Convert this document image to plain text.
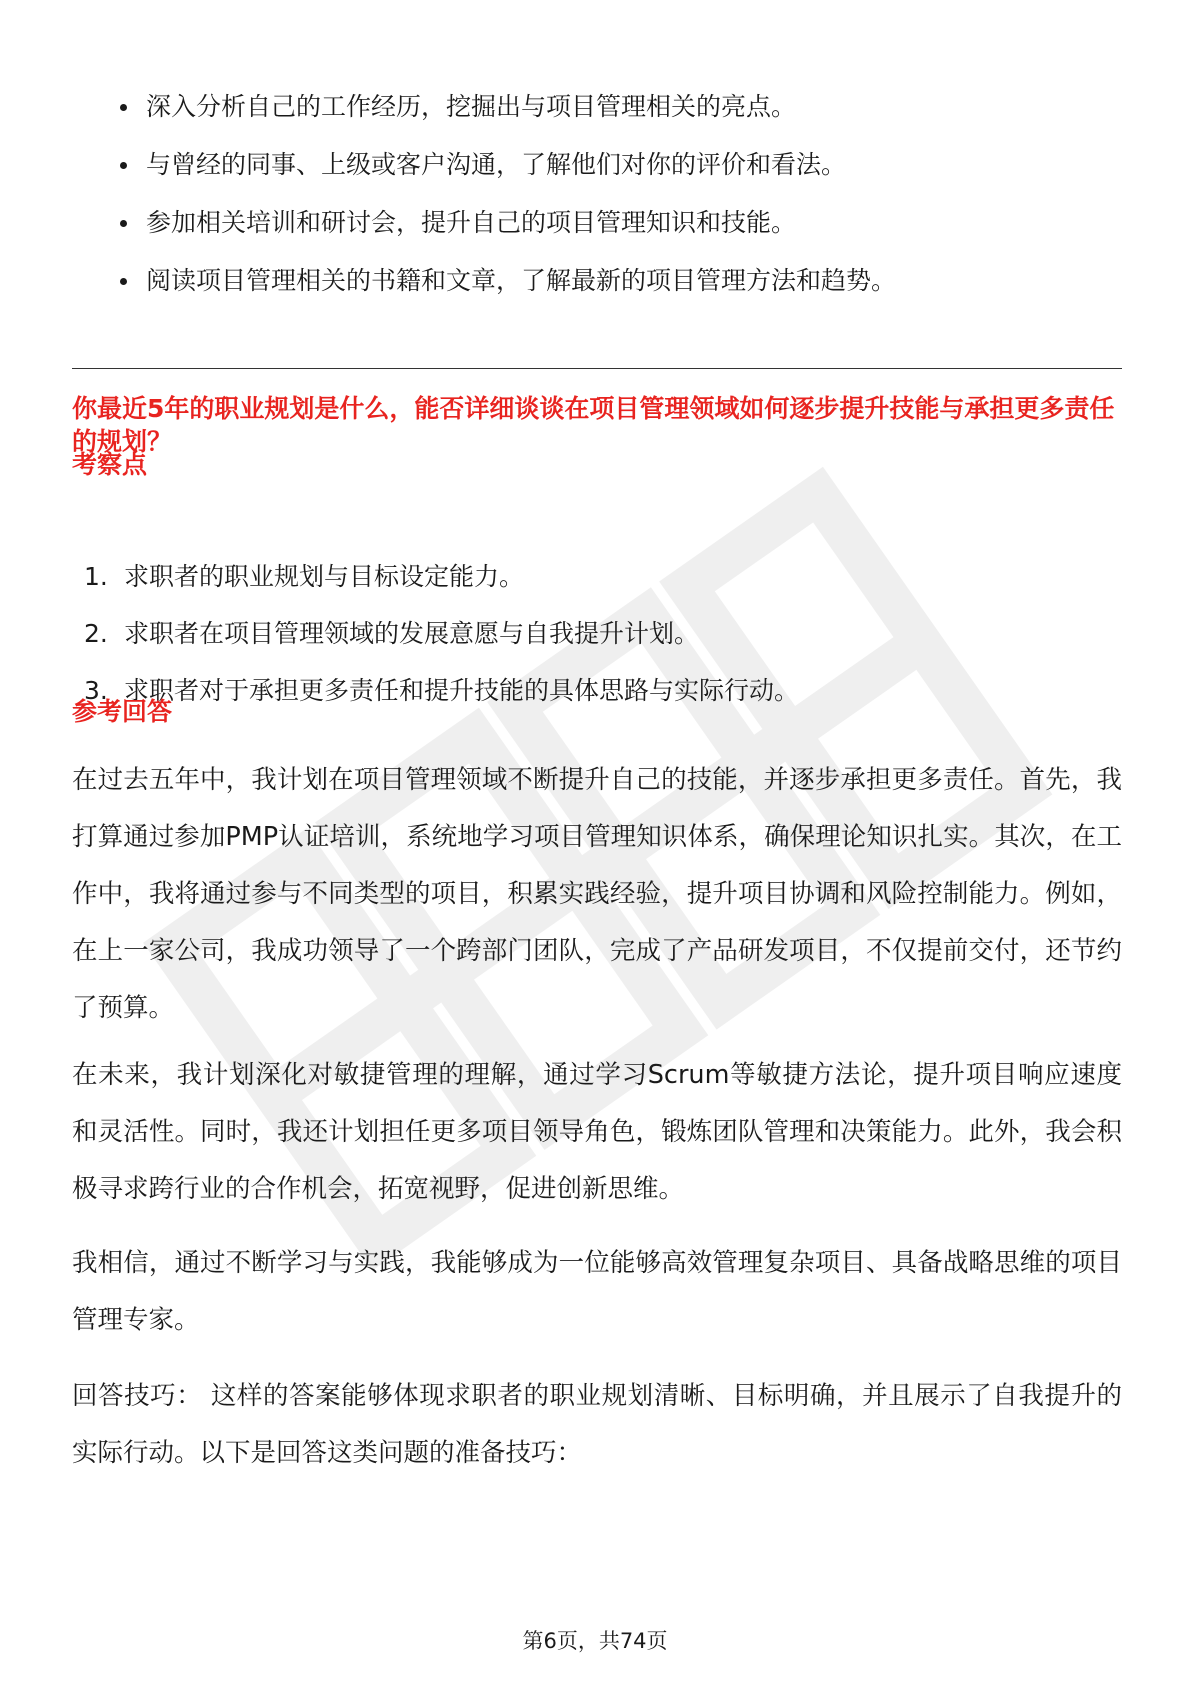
深入分析自己的工作经历，挖掘出与项目管理相关的亮点。
与曾经的同事、上级或客户沟通，了解他们对你的评价和看法。
参加相关培训和研讨会，提升自己的项目管理知识和技能。
阅读项目管理相关的书籍和文章，了解最新的项目管理方法和趋势。
你最近5年的职业规划是什么，能否详细谈谈在项目管理领域如何逐步提升技能与承担更多责任的规划？
考察点
1. 求职者的职业规划与目标设定能力。
2. 求职者在项目管理领域的发展意愿与自我提升计划。
3. 求职者对于承担更多责任和提升技能的具体思路与实际行动。
参考回答

在过去五年中，我计划在项目管理领域不断提升自己的技能，并逐步承担更多责任。首先，我打算通过参加PMP认证培训，系统地学习项目管理知识体系，确保理论知识扎实。其次，在工作中，我将通过参与不同类型的项目，积累实践经验，提升项目协调和风险控制能力。例如，在上一家公司，我成功领导了一个跨部门团队，完成了产品研发项目，不仅提前交付，还节约了预算。

在未来，我计划深化对敏捷管理的理解，通过学习Scrum等敏捷方法论，提升项目响应速度和灵活性。同时，我还计划担任更多项目领导角色，锻炼团队管理和决策能力。此外，我会积极寻求跨行业的合作机会，拓宽视野，促进创新思维。

我相信，通过不断学习与实践，我能够成为一位能够高效管理复杂项目、具备战略思维的项目管理专家。

回答技巧： 这样的答案能够体现求职者的职业规划清晰、目标明确，并且展示了自我提升的实际行动。以下是回答这类问题的准备技巧：

第6页，共74页
